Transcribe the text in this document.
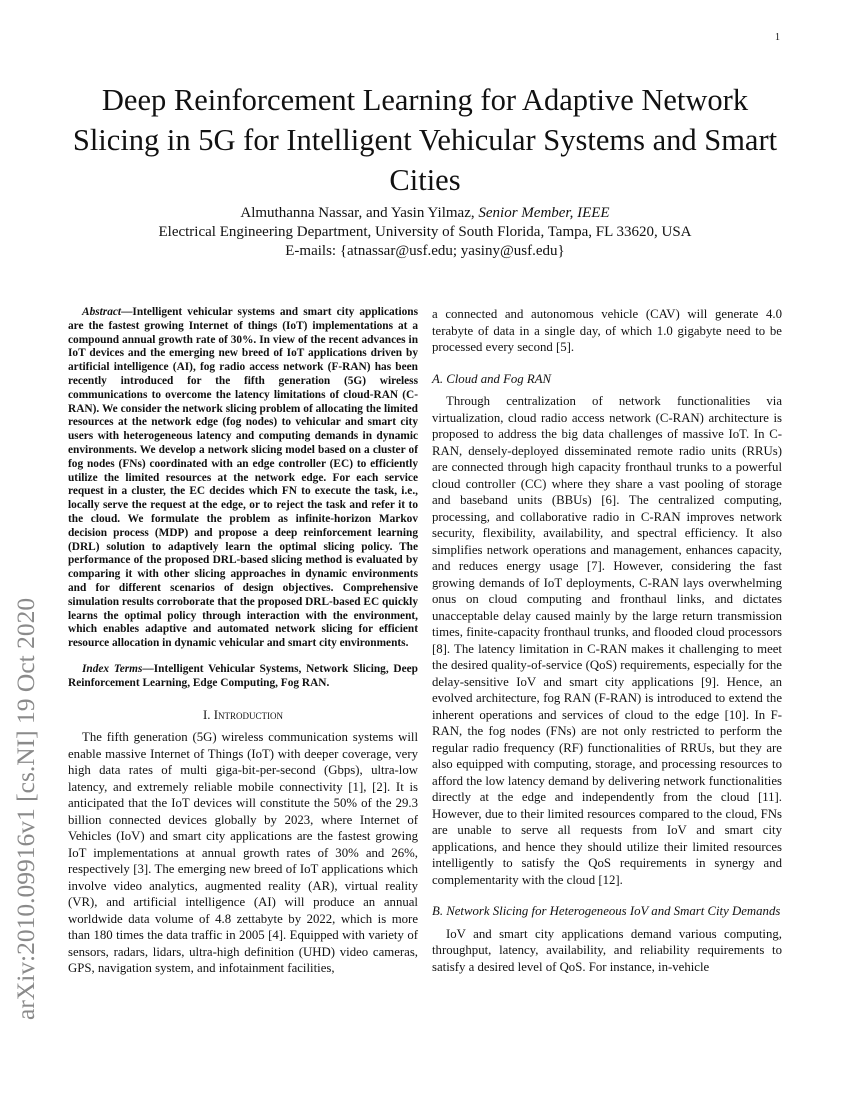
1
arXiv:2010.09916v1 [cs.NI] 19 Oct 2020
Deep Reinforcement Learning for Adaptive Network Slicing in 5G for Intelligent Vehicular Systems and Smart Cities
Almuthanna Nassar, and Yasin Yilmaz, Senior Member, IEEE
Electrical Engineering Department, University of South Florida, Tampa, FL 33620, USA
E-mails: {atnassar@usf.edu; yasiny@usf.edu}

Abstract—Intelligent vehicular systems and smart city applications are the fastest growing Internet of things (IoT) implementations at a compound annual growth rate of 30%. In view of the recent advances in IoT devices and the emerging new breed of IoT applications driven by artificial intelligence (AI), fog radio access network (F-RAN) has been recently introduced for the fifth generation (5G) wireless communications to overcome the latency limitations of cloud-RAN (C-RAN). We consider the network slicing problem of allocating the limited resources at the network edge (fog nodes) to vehicular and smart city users with heterogeneous latency and computing demands in dynamic environments. We develop a network slicing model based on a cluster of fog nodes (FNs) coordinated with an edge controller (EC) to efficiently utilize the limited resources at the network edge. For each service request in a cluster, the EC decides which FN to execute the task, i.e., locally serve the request at the edge, or to reject the task and refer it to the cloud. We formulate the problem as infinite-horizon Markov decision process (MDP) and propose a deep reinforcement learning (DRL) solution to adaptively learn the optimal slicing policy. The performance of the proposed DRL-based slicing method is evaluated by comparing it with other slicing approaches in dynamic environments and for different scenarios of design objectives. Comprehensive simulation results corroborate that the proposed DRL-based EC quickly learns the optimal policy through interaction with the environment, which enables adaptive and automated network slicing for efficient resource allocation in dynamic vehicular and smart city environments.

Index Terms—Intelligent Vehicular Systems, Network Slicing, Deep Reinforcement Learning, Edge Computing, Fog RAN.

I. Introduction

The fifth generation (5G) wireless communication systems will enable massive Internet of Things (IoT) with deeper coverage, very high data rates of multi giga-bit-per-second (Gbps), ultra-low latency, and extremely reliable mobile connectivity [1], [2]. It is anticipated that the IoT devices will constitute the 50% of the 29.3 billion connected devices globally by 2023, where Internet of Vehicles (IoV) and smart city applications are the fastest growing IoT implementations at annual growth rates of 30% and 26%, respectively [3]. The emerging new breed of IoT applications which involve video analytics, augmented reality (AR), virtual reality (VR), and artificial intelligence (AI) will produce an annual worldwide data volume of 4.8 zettabyte by 2022, which is more than 180 times the data traffic in 2005 [4]. Equipped with variety of sensors, radars, lidars, ultra-high definition (UHD) video cameras, GPS, navigation system, and infotainment facilities,

a connected and autonomous vehicle (CAV) will generate 4.0 terabyte of data in a single day, of which 1.0 gigabyte need to be processed every second [5].

A. Cloud and Fog RAN

Through centralization of network functionalities via virtualization, cloud radio access network (C-RAN) architecture is proposed to address the big data challenges of massive IoT. In C-RAN, densely-deployed disseminated remote radio units (RRUs) are connected through high capacity fronthaul trunks to a powerful cloud controller (CC) where they share a vast pooling of storage and baseband units (BBUs) [6]. The centralized computing, processing, and collaborative radio in C-RAN improves network security, flexibility, availability, and spectral efficiency. It also simplifies network operations and management, enhances capacity, and reduces energy usage [7]. However, considering the fast growing demands of IoT deployments, C-RAN lays overwhelming onus on cloud computing and fronthaul links, and dictates unacceptable delay caused mainly by the large return transmission times, finite-capacity fronthaul trunks, and flooded cloud processors [8]. The latency limitation in C-RAN makes it challenging to meet the desired quality-of-service (QoS) requirements, especially for the delay-sensitive IoV and smart city applications [9]. Hence, an evolved architecture, fog RAN (F-RAN) is introduced to extend the inherent operations and services of cloud to the edge [10]. In F-RAN, the fog nodes (FNs) are not only restricted to perform the regular radio frequency (RF) functionalities of RRUs, but they are also equipped with computing, storage, and processing resources to afford the low latency demand by delivering network functionalities directly at the edge and independently from the cloud [11]. However, due to their limited resources compared to the cloud, FNs are unable to serve all requests from IoV and smart city applications, and hence they should utilize their limited resources intelligently to satisfy the QoS requirements in synergy and complementarity with the cloud [12].

B. Network Slicing for Heterogeneous IoV and Smart City Demands

IoV and smart city applications demand various computing, throughput, latency, availability, and reliability requirements to satisfy a desired level of QoS. For instance, in-vehicle
